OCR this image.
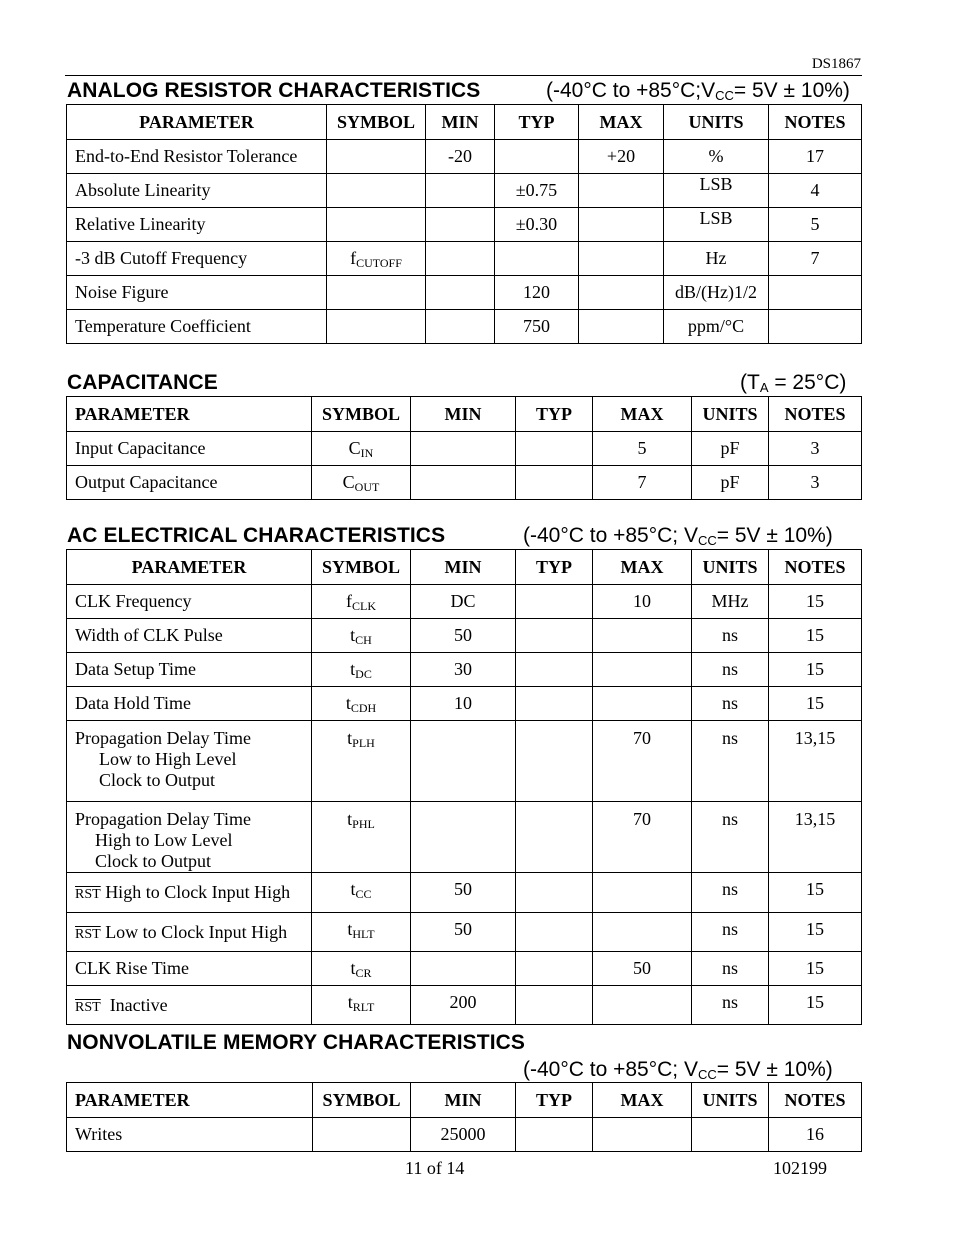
DS1867
ANALOG RESISTOR CHARACTERISTICS	(-40°C to $+85^\circ C;V_{CC}= 5V \pm 10\%$)
PARAMETER	SYMBOL	MIN	TYP	MAX	UNITS	NOTES
End-to-End Resistor Tolerance		-20		+20	%	17
Absolute Linearity			±0.75		LSB	4
Relative Linearity			±0.30		LSB	5
-3 dB Cutoff Frequency	$f_{CUTOFF}$				Hz	7
Noise Figure			120		dB/(Hz)1/2	
Temperature Coefficient			750		ppm/°C	
CAPACITANCE	$(T_A = 25^\circ C)$
PARAMETER	SYMBOL	MIN	TYP	MAX	UNITS	NOTES
Input Capacitance	$C_{IN}$			5	pF	3
Output Capacitance	$C_{OUT}$			7	pF	3
AC ELECTRICAL CHARACTERISTICS	(-40°C to +85°C; $V_{CC}= 5V \pm 10\%$)
PARAMETER	SYMBOL	MIN	TYP	MAX	UNITS	NOTES
CLK Frequency	$f_{CLK}$	DC		10	MHz	15
Width of CLK Pulse	$t_{CH}$	50			ns	15
Data Setup Time	$t_{DC}$	30			ns	15
Data Hold Time	$t_{CDH}$	10			ns	15

Propagation Delay Time
Low to High Level
Clock to Output	$t_{PLH}$			70	ns	13,15

Propagation Delay Time
High to Low Level
Clock to Output	$t_{PHL}$			70	ns	13,15
$\overline{RST}$ High to Clock Input High	$t_{CC}$	50			ns	15
$\overline{RST}$ Low to Clock Input High	$t_{HLT}$	50			ns	15
CLK Rise Time	$t_{CR}$			50	ns	15
$\overline{RST}$  Inactive	$t_{RLT}$	200			ns	15
NONVOLATILE MEMORY CHARACTERISTICS
(-40°C to +85°C; $V_{CC}= 5V \pm 10\%$)
PARAMETER	SYMBOL	MIN	TYP	MAX	UNITS	NOTES
Writes		25000				16
11 of 14	102199
